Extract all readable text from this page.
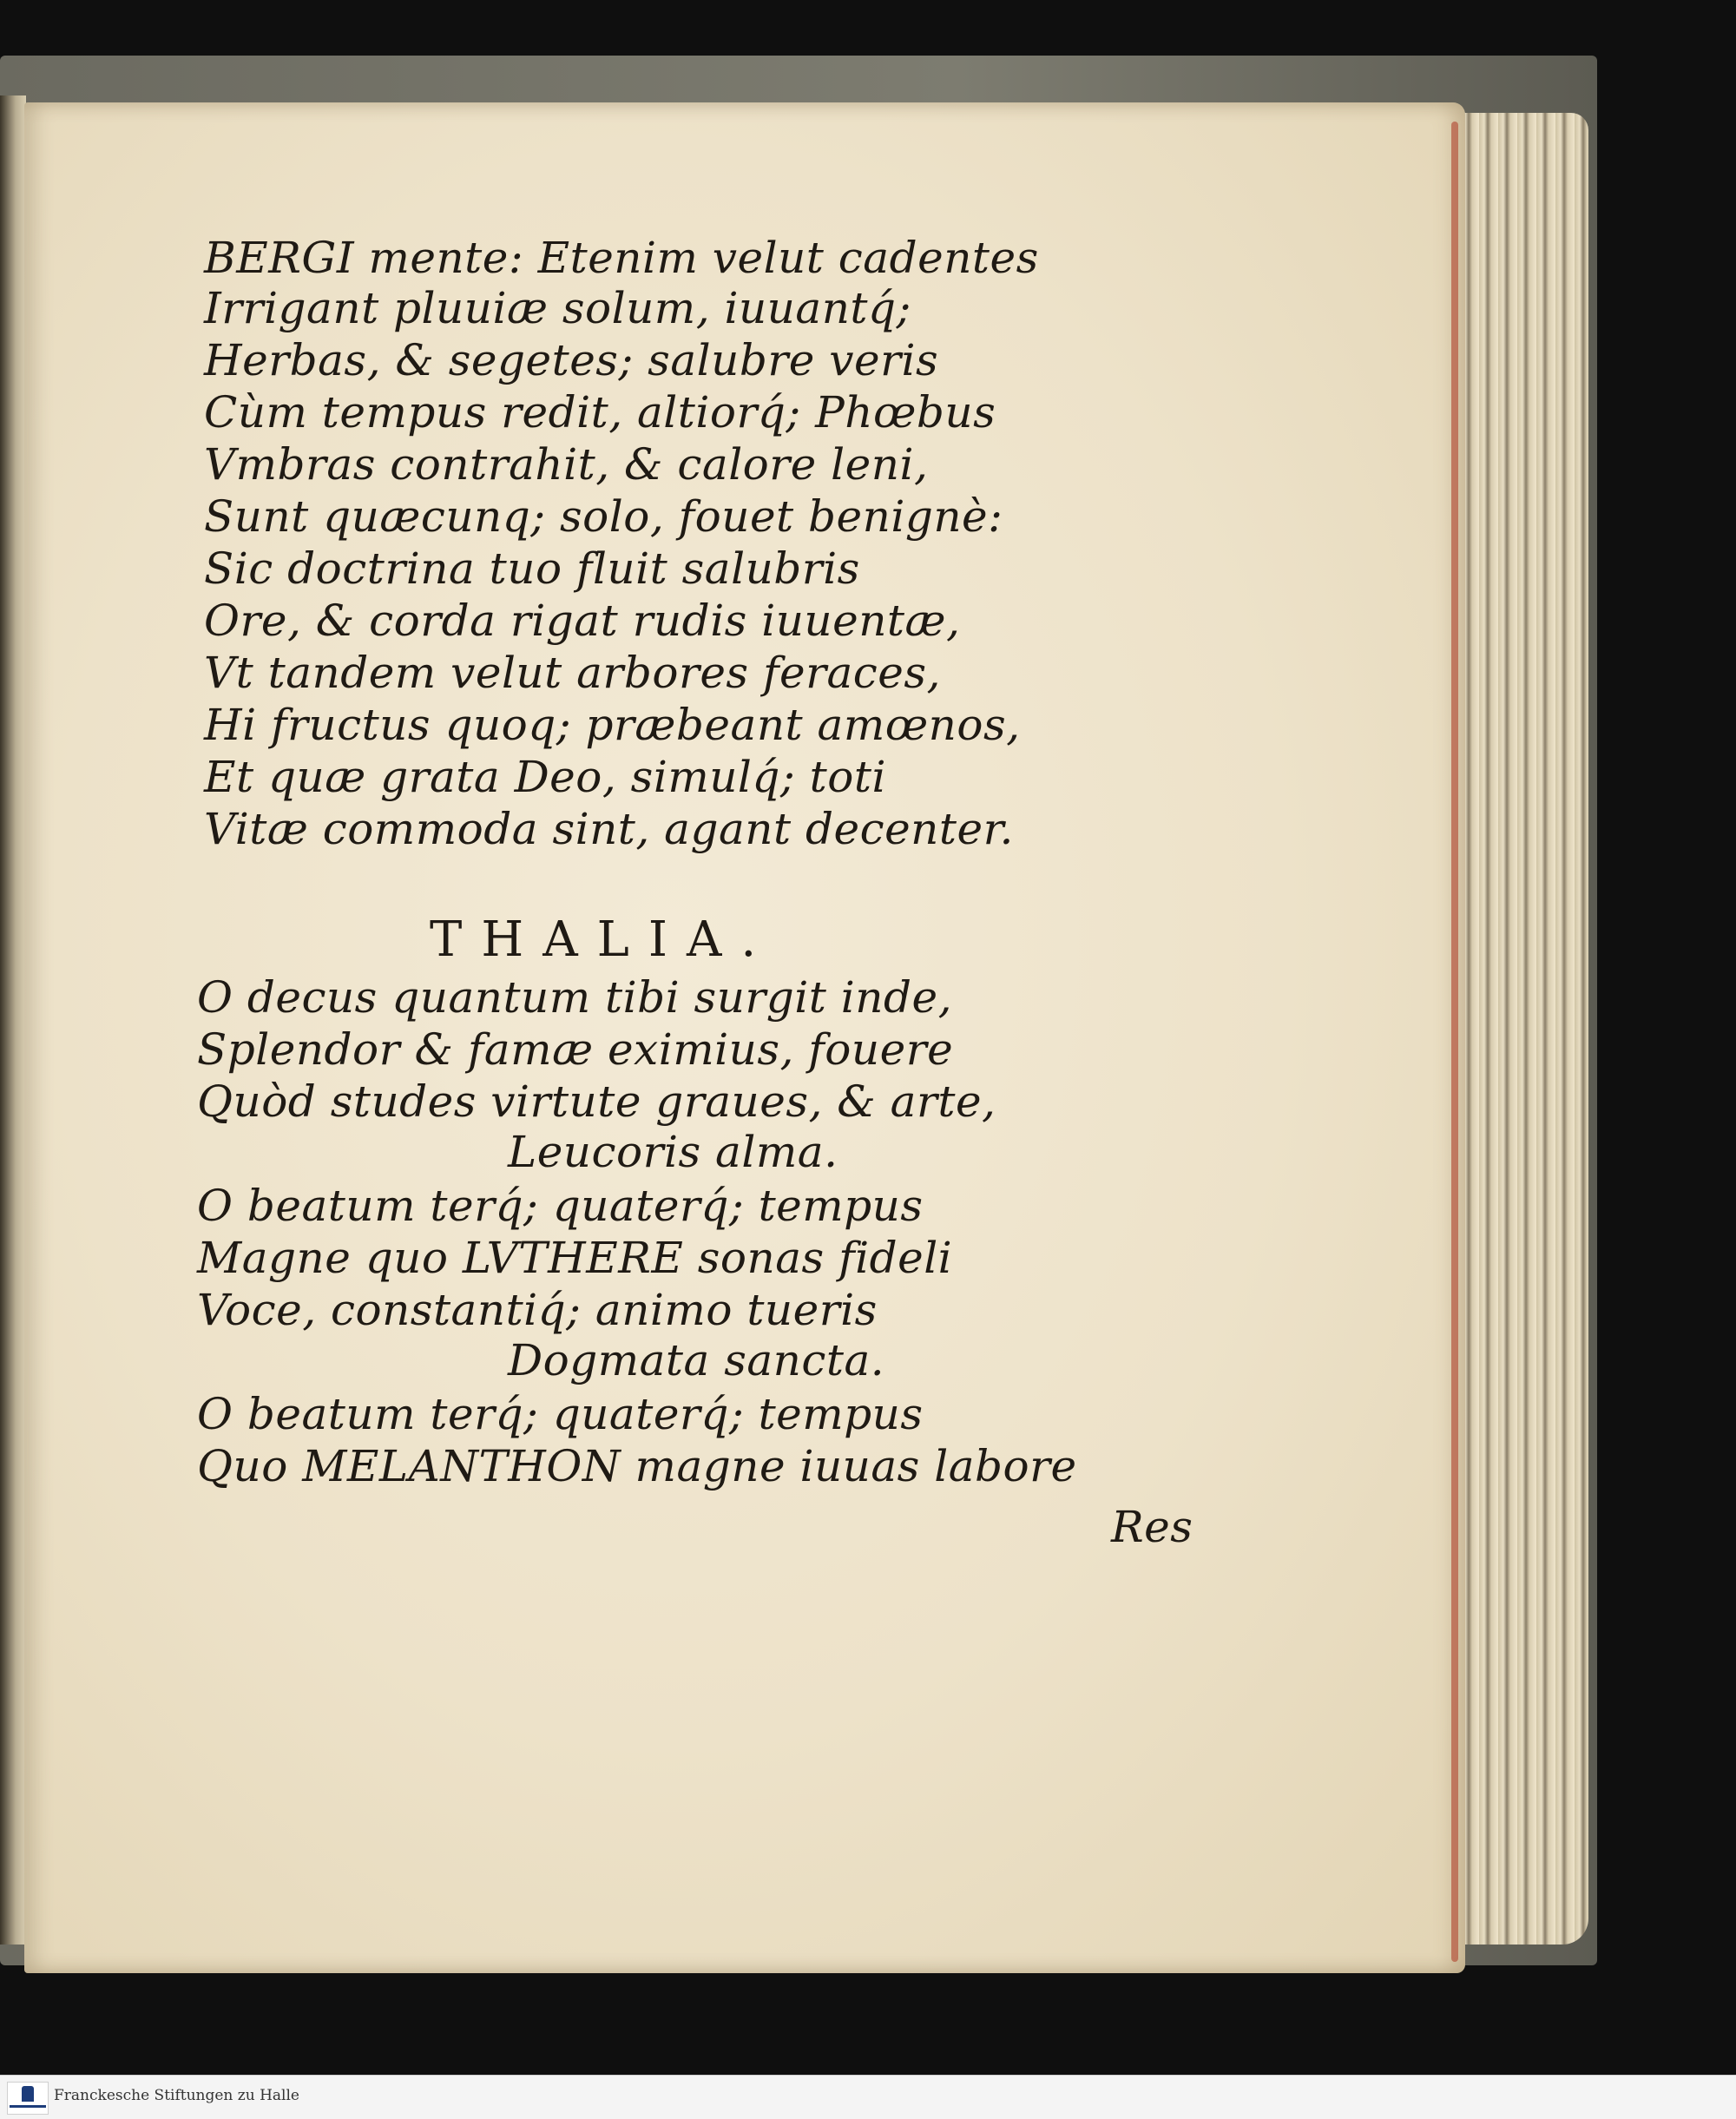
BERGI mente: Etenim velut cadentes
Irrigant pluuiæ solum, iuuantq́;
Herbas, & segetes; salubre veris
Cùm tempus redit, altiorq́; Phœbus
Vmbras contrahit, & calore leni,
Sunt quæcunq; solo, fouet benignè:
Sic doctrina tuo fluit salubris
Ore, & corda rigat rudis iuuentæ,
Vt tandem velut arbores feraces,
Hi fructus quoq; præbeant amœnos,
Et quæ grata Deo, simulq́; toti
Vitæ commoda sint, agant decenter.
THALIA.
O decus quantum tibi surgit inde,
Splendor & famæ eximius, fouere
Quòd studes virtute graues, & arte,
Leucoris alma.
O beatum terq́; quaterq́; tempus
Magne quo LVTHERE sonas fideli
Voce, constantiq́; animo tueris
Dogmata sancta.
O beatum terq́; quaterq́; tempus
Quo MELANTHON magne iuuas labore
Res
Franckesche Stiftungen zu Halle
